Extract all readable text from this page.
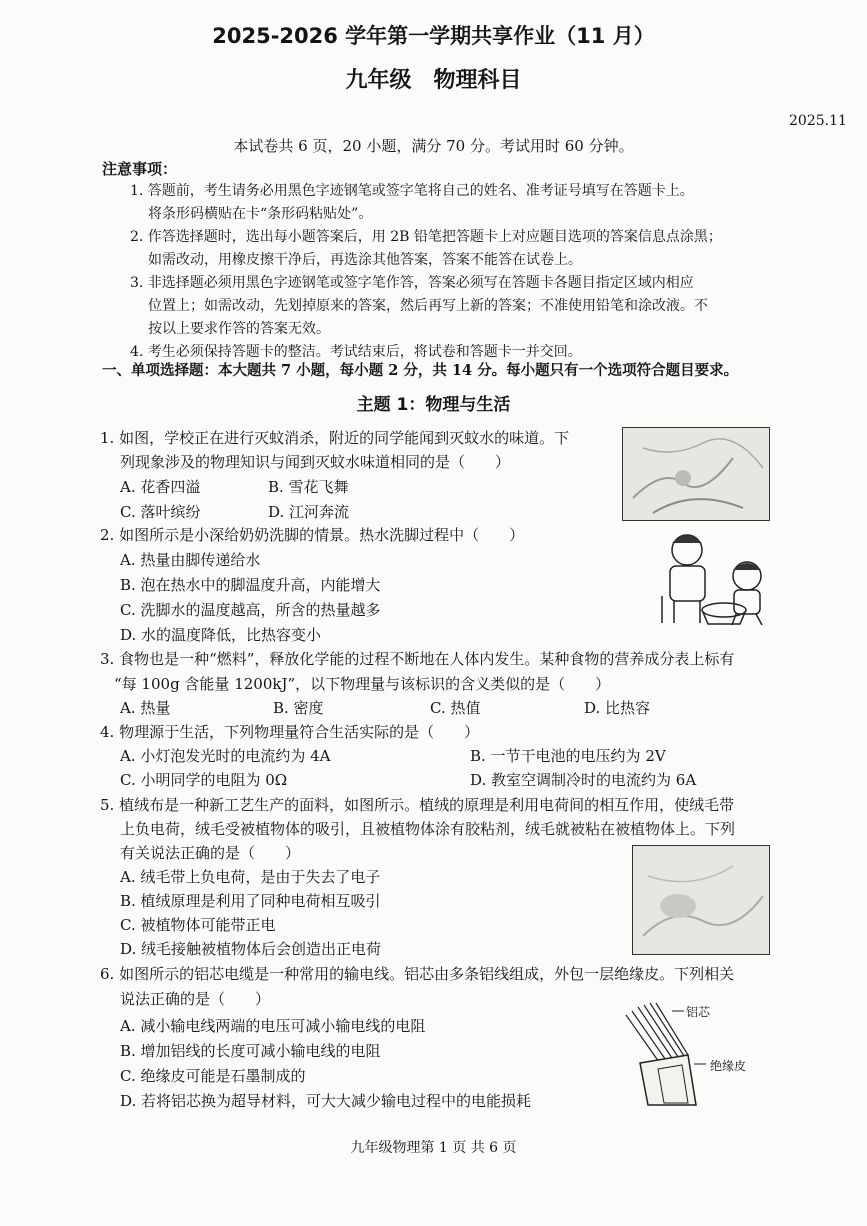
2025-2026 学年第一学期共享作业（11 月）
九年级　物理科目
2025.11
本试卷共 6 页，20 小题，满分 70 分。考试用时 60 分钟。
注意事项：
1. 答题前，考生请务必用黑色字迹钢笔或签字笔将自己的姓名、准考证号填写在答题卡上。
将条形码横贴在卡“条形码粘贴处”。
2. 作答选择题时，选出每小题答案后，用 2B 铅笔把答题卡上对应题目选项的答案信息点涂黑；
如需改动，用橡皮擦干净后，再选涂其他答案，答案不能答在试卷上。
3. 非选择题必须用黑色字迹钢笔或签字笔作答，答案必须写在答题卡各题目指定区域内相应
位置上；如需改动，先划掉原来的答案，然后再写上新的答案；不准使用铅笔和涂改液。不
按以上要求作答的答案无效。
4. 考生必须保持答题卡的整洁。考试结束后，将试卷和答题卡一并交回。
一、单项选择题：本大题共 7 小题，每小题 2 分，共 14 分。每小题只有一个选项符合题目要求。
主题 1：物理与生活
1. 如图，学校正在进行灭蚊消杀，附近的同学能闻到灭蚊水的味道。下
列现象涉及的物理知识与闻到灭蚊水味道相同的是（　　）
A. 花香四溢	B. 雪花飞舞
C. 落叶缤纷	D. 江河奔流
2. 如图所示是小深给奶奶洗脚的情景。热水洗脚过程中（　　）
A. 热量由脚传递给水
B. 泡在热水中的脚温度升高，内能增大
C. 洗脚水的温度越高，所含的热量越多
D. 水的温度降低，比热容变小
3. 食物也是一种“燃料”，释放化学能的过程不断地在人体内发生。某种食物的营养成分表上标有
“每 100g 含能量 1200kJ”，以下物理量与该标识的含义类似的是（　　）
A. 热量	B. 密度	C. 热值	D. 比热容
4. 物理源于生活，下列物理量符合生活实际的是（　　）
A. 小灯泡发光时的电流约为 4A	B. 一节干电池的电压约为 2V
C. 小明同学的电阻为 0Ω	D. 教室空调制冷时的电流约为 6A
5. 植绒布是一种新工艺生产的面料，如图所示。植绒的原理是利用电荷间的相互作用，使绒毛带
上负电荷，绒毛受被植物体的吸引，且被植物体涂有胶粘剂，绒毛就被粘在被植物体上。下列
有关说法正确的是（　　）
A. 绒毛带上负电荷，是由于失去了电子
B. 植绒原理是利用了同种电荷相互吸引
C. 被植物体可能带正电
D. 绒毛接触被植物体后会创造出正电荷
6. 如图所示的铝芯电缆是一种常用的输电线。铝芯由多条铝线组成，外包一层绝缘皮。下列相关
说法正确的是（　　）
A. 减小输电线两端的电压可减小输电线的电阻
B. 增加铝线的长度可减小输电线的电阻
C. 绝缘皮可能是石墨制成的
D. 若将铝芯换为超导材料，可大大减少输电过程中的电能损耗
铝芯
绝缘皮
九年级物理第 1 页 共 6 页
